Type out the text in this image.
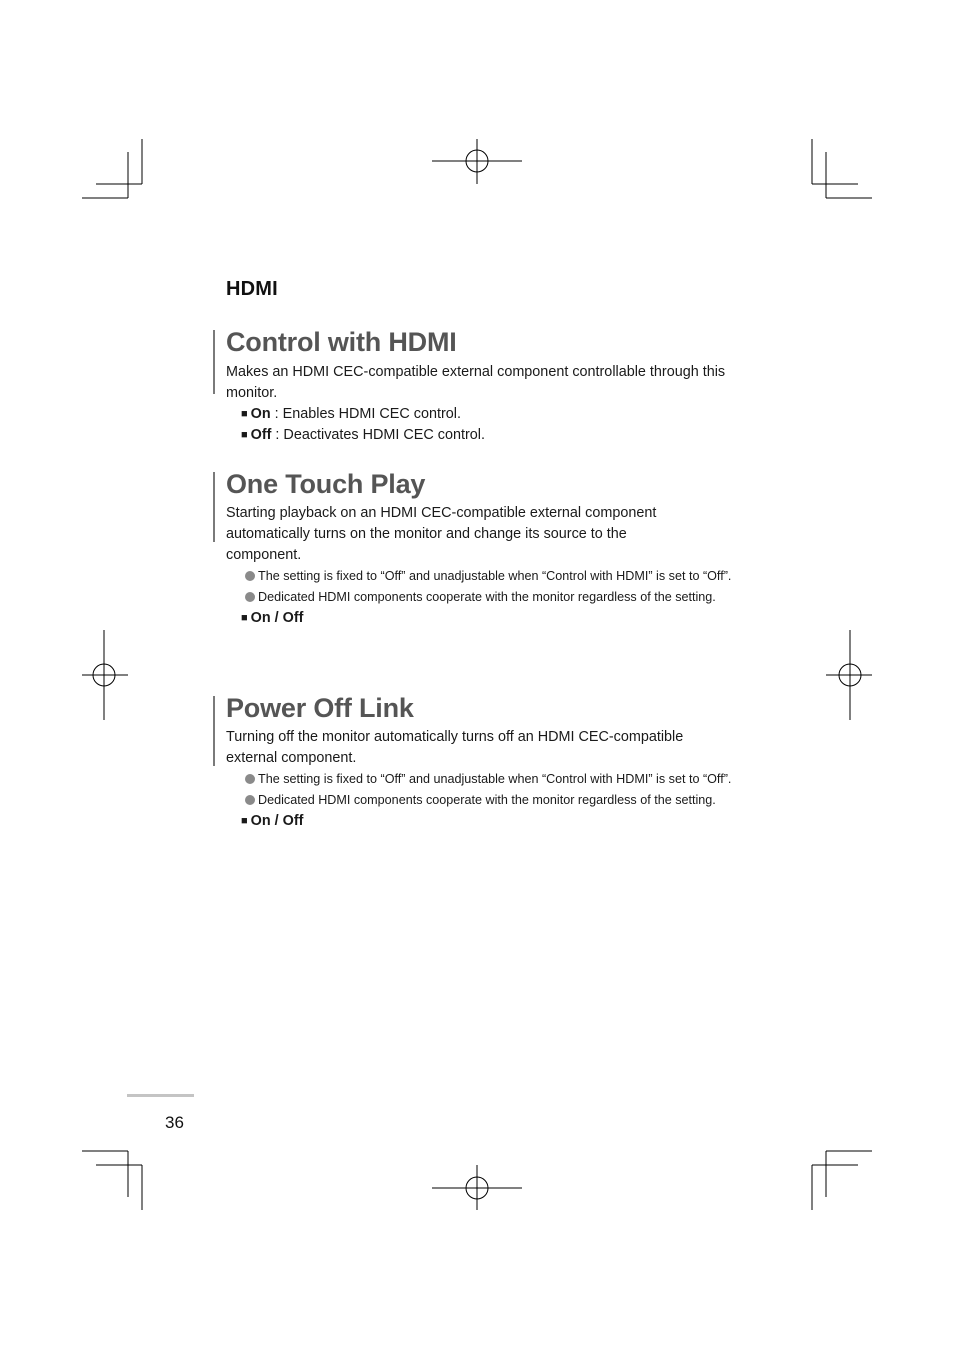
HDMI
Control with HDMI

Makes an HDMI CEC-compatible external component controllable through this monitor.

■ On : Enables HDMI CEC control.
■ Off : Deactivates HDMI CEC control.
One Touch Play

Starting playback on an HDMI CEC-compatible external component automatically turns on the monitor and change its source to the component.

The setting is fixed to “Off” and unadjustable when “Control with HDMI” is set to “Off”.
Dedicated HDMI components cooperate with the monitor regardless of the setting.
■ On / Off
Power Off Link

Turning off the monitor automatically turns off an HDMI CEC-compatible external component.

The setting is fixed to “Off” and unadjustable when “Control with HDMI” is set to “Off”.
Dedicated HDMI components cooperate with the monitor regardless of the setting.
■ On / Off
36
